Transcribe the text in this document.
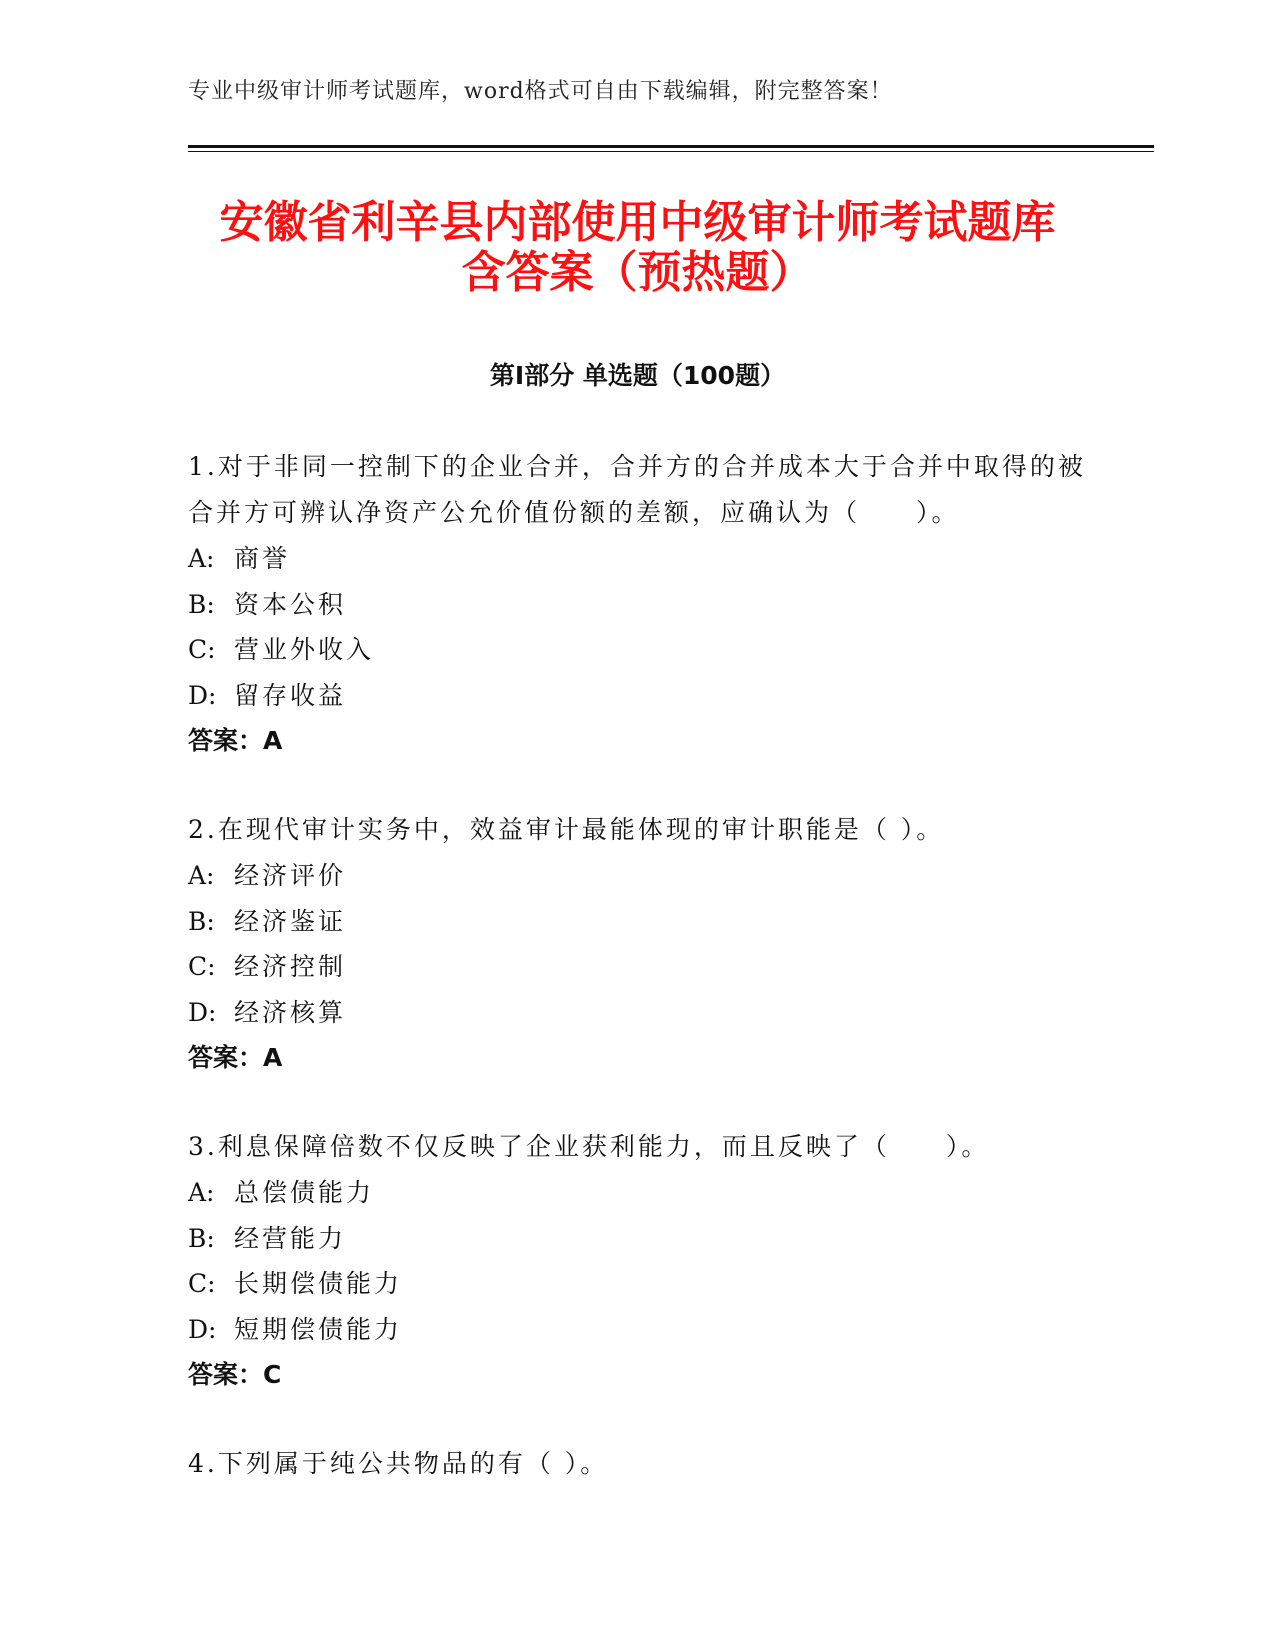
专业中级审计师考试题库，word格式可自由下载编辑，附完整答案！
安徽省利辛县内部使用中级审计师考试题库
含答案（预热题）
第Ⅰ部分 单选题（100题）
1.对于非同一控制下的企业合并，合并方的合并成本大于合并中取得的被合并方可辨认净资产公允价值份额的差额，应确认为（　　）。
A: 商誉
B: 资本公积
C: 营业外收入
D: 留存收益
答案：A
2.在现代审计实务中，效益审计最能体现的审计职能是（ ）。
A: 经济评价
B: 经济鉴证
C: 经济控制
D: 经济核算
答案：A
3.利息保障倍数不仅反映了企业获利能力，而且反映了（　　）。
A: 总偿债能力
B: 经营能力
C: 长期偿债能力
D: 短期偿债能力
答案：C
4.下列属于纯公共物品的有（ ）。
